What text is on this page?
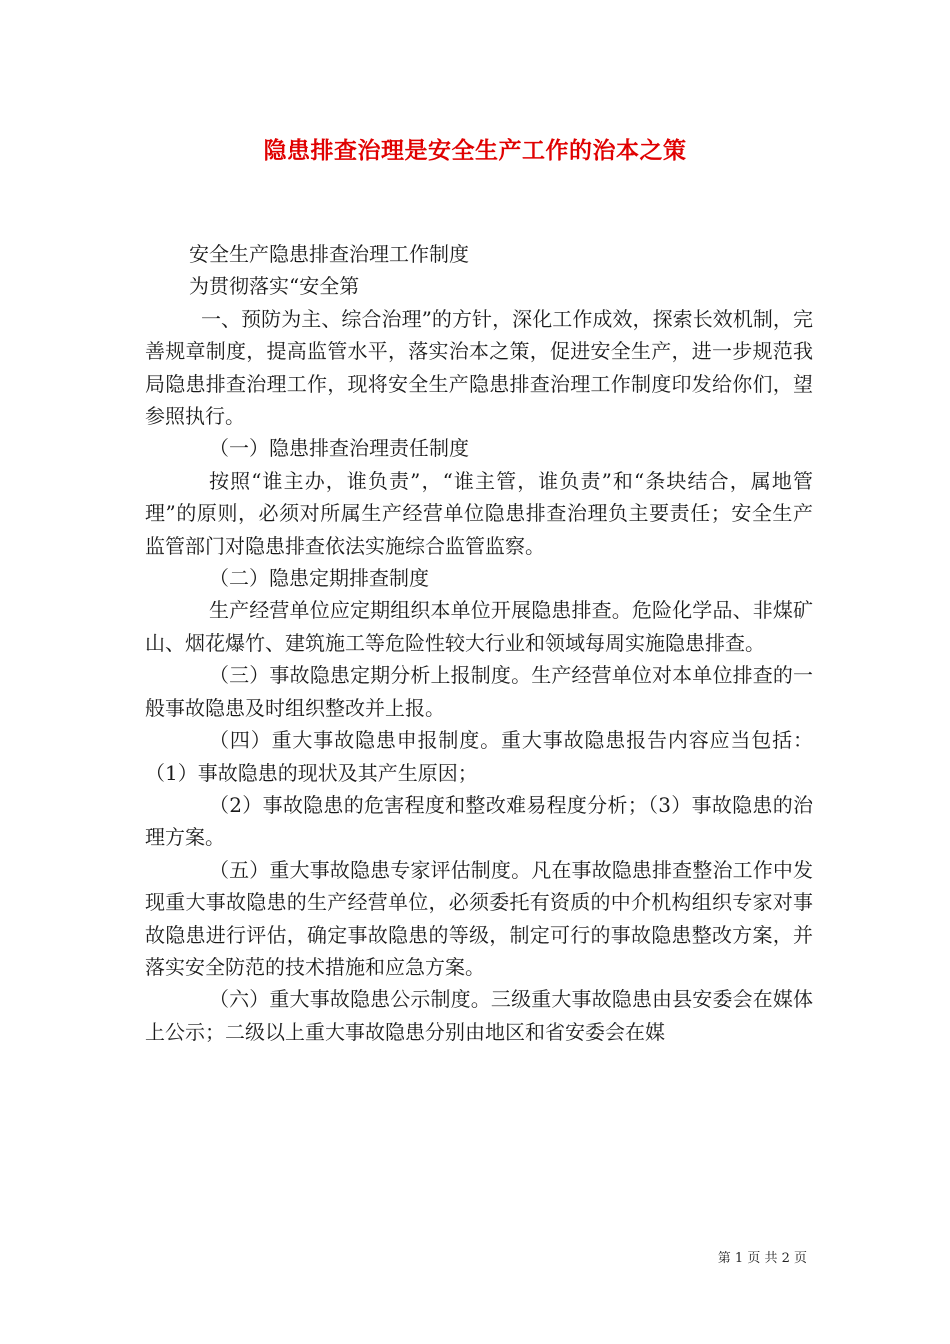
隐患排查治理是安全生产工作的治本之策

安全生产隐患排查治理工作制度

为贯彻落实“安全第

一、预防为主、综合治理”的方针，深化工作成效，探索长效机制，完善规章制度，提高监管水平，落实治本之策，促进安全生产，进一步规范我局隐患排查治理工作，现将安全生产隐患排查治理工作制度印发给你们，望参照执行。

（一）隐患排查治理责任制度

按照“谁主办，谁负责”，“谁主管，谁负责”和“条块结合，属地管理”的原则，必须对所属生产经营单位隐患排查治理负主要责任；安全生产监管部门对隐患排查依法实施综合监管监察。

（二）隐患定期排查制度

生产经营单位应定期组织本单位开展隐患排查。危险化学品、非煤矿山、烟花爆竹、建筑施工等危险性较大行业和领域每周实施隐患排查。

（三）事故隐患定期分析上报制度。生产经营单位对本单位排查的一般事故隐患及时组织整改并上报。

（四）重大事故隐患申报制度。重大事故隐患报告内容应当包括：（1）事故隐患的现状及其产生原因；

（2）事故隐患的危害程度和整改难易程度分析；（3）事故隐患的治理方案。

（五）重大事故隐患专家评估制度。凡在事故隐患排查整治工作中发现重大事故隐患的生产经营单位，必须委托有资质的中介机构组织专家对事故隐患进行评估，确定事故隐患的等级，制定可行的事故隐患整改方案，并落实安全防范的技术措施和应急方案。

（六）重大事故隐患公示制度。三级重大事故隐患由县安委会在媒体上公示；二级以上重大事故隐患分别由地区和省安委会在媒

第 1 页 共 2 页
